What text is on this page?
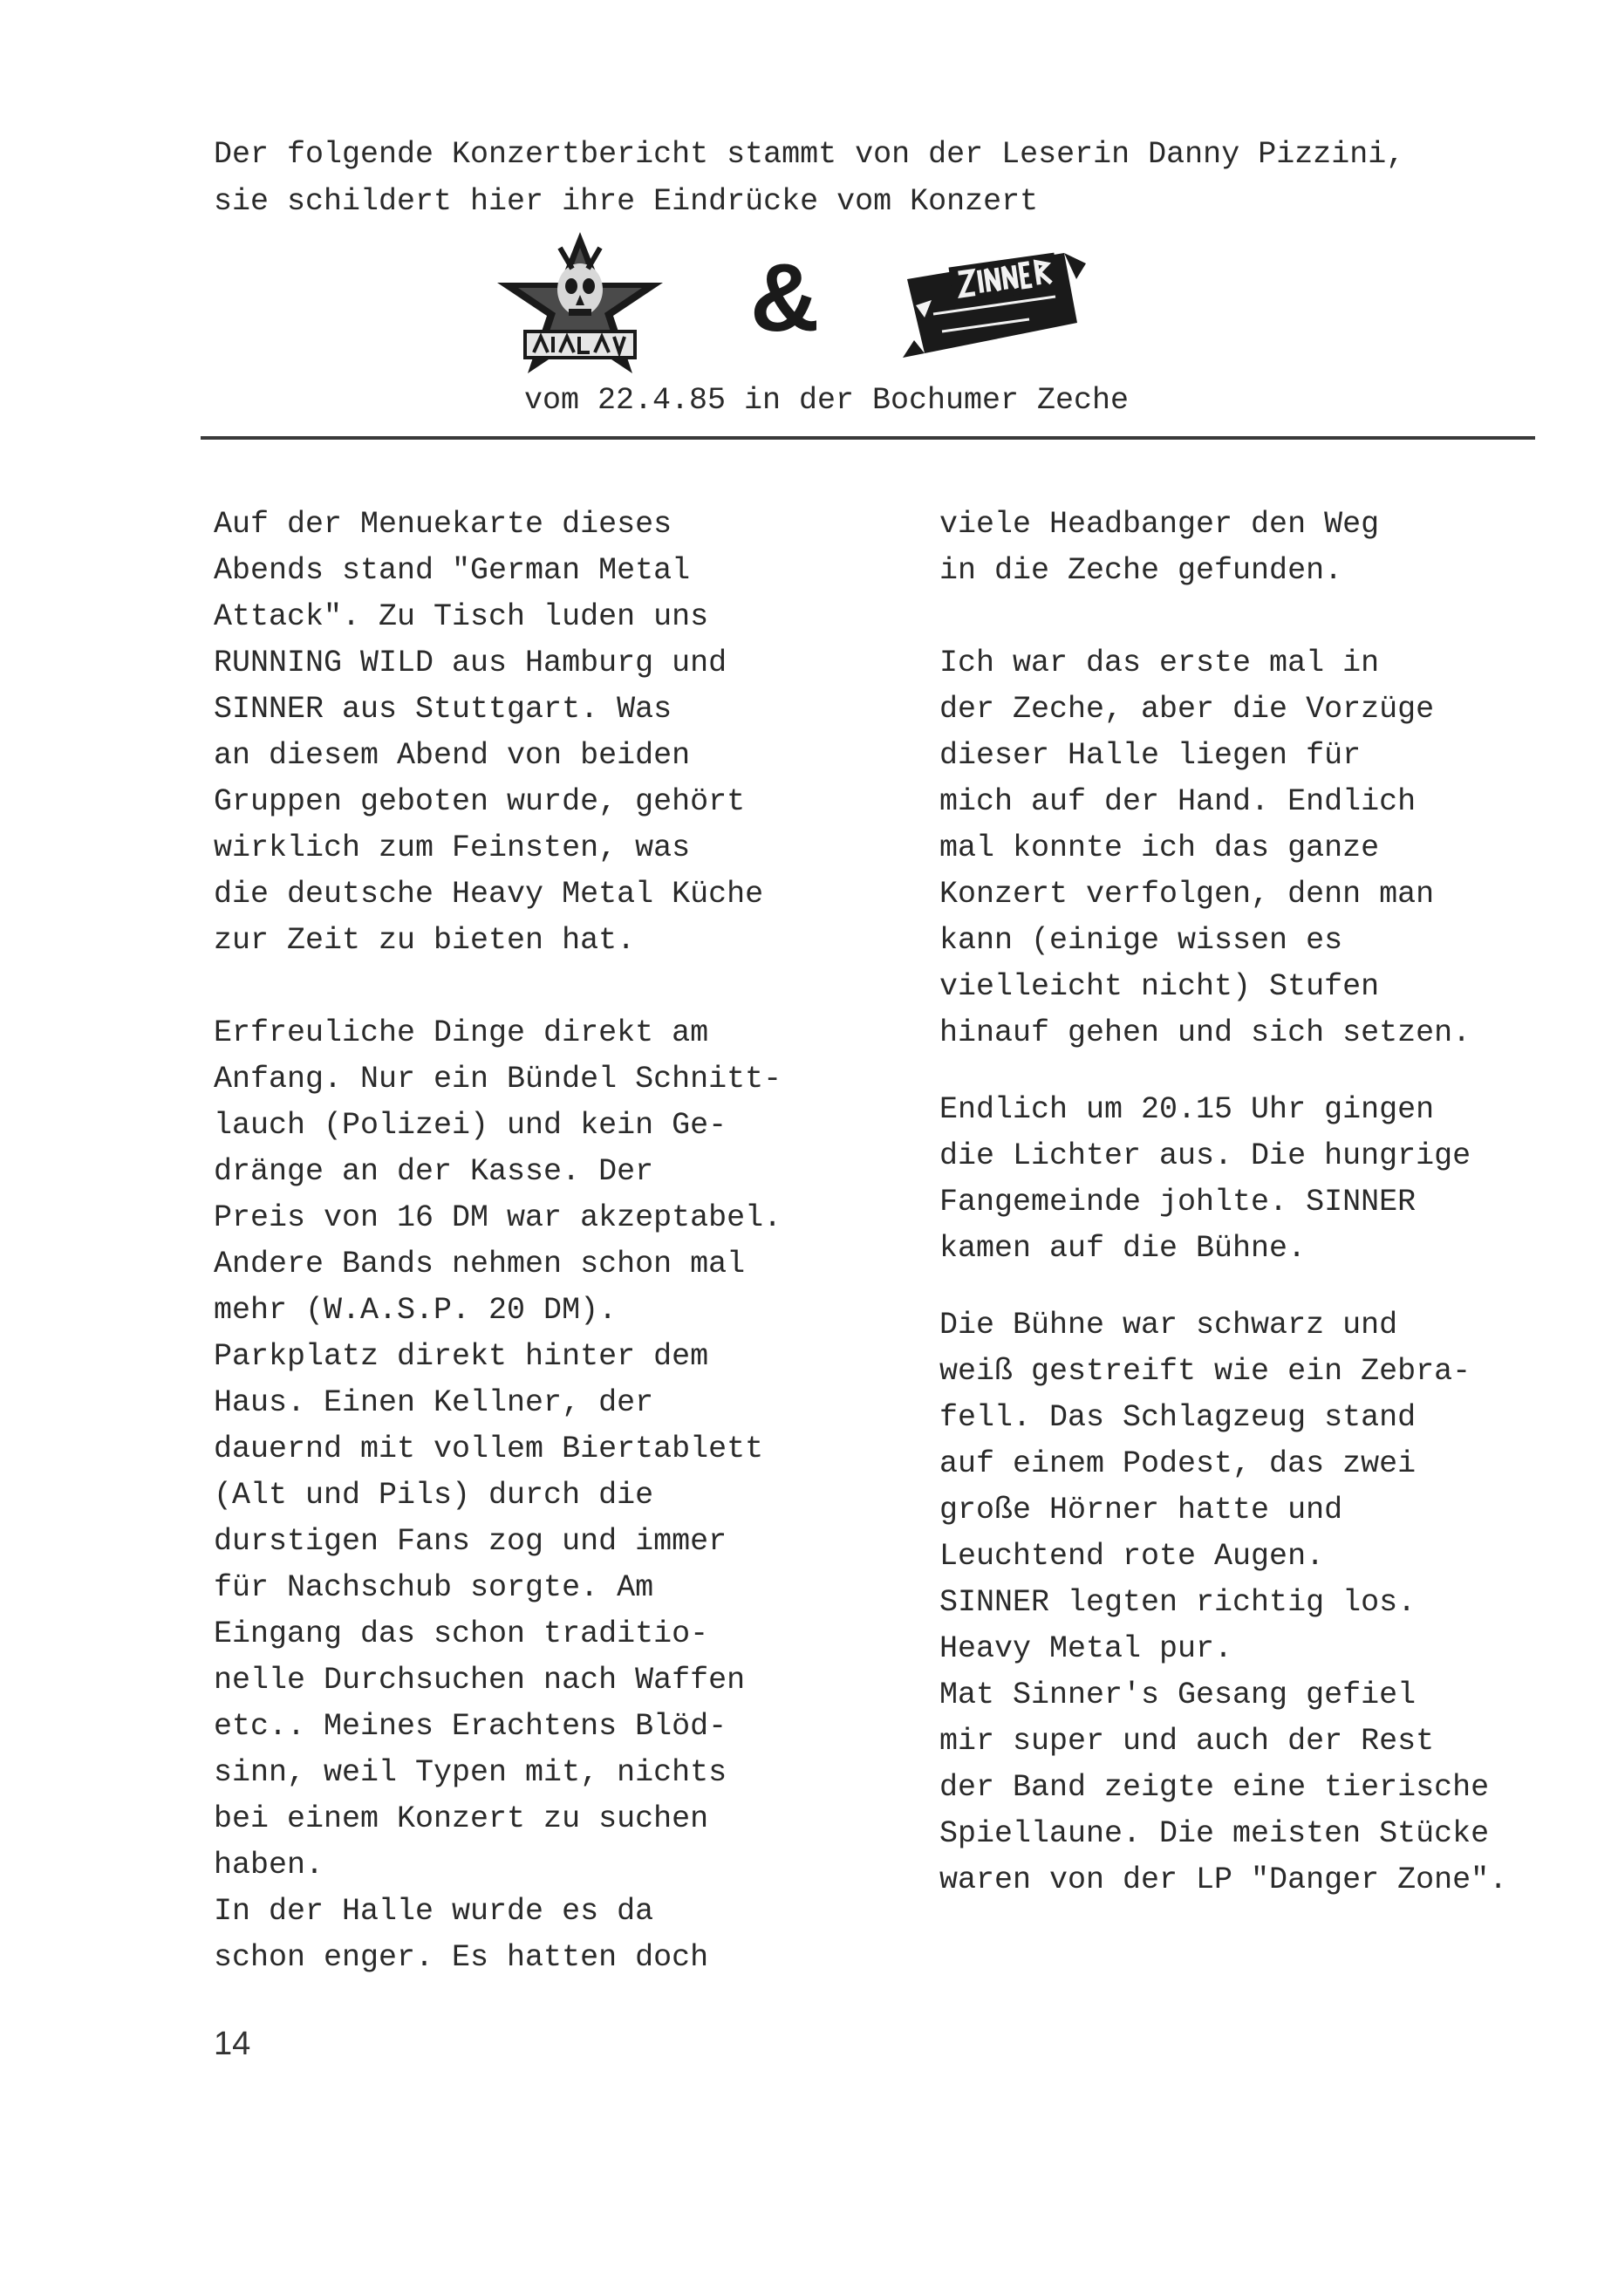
Der folgende Konzertbericht stammt von der Leserin Danny Pizzini,
sie schildert hier ihre Eindrücke vom Konzert
&
vom 22.4.85 in der Bochumer Zeche

Auf der Menuekarte dieses
Abends stand "German Metal
Attack". Zu Tisch luden uns
RUNNING WILD aus Hamburg und
SINNER aus Stuttgart. Was
an diesem Abend von beiden
Gruppen geboten wurde, gehört
wirklich zum Feinsten, was
die deutsche Heavy Metal Küche
zur Zeit zu bieten hat.

Erfreuliche Dinge direkt am
Anfang. Nur ein Bündel Schnitt-
lauch (Polizei) und kein Ge-
dränge an der Kasse. Der
Preis von 16 DM war akzeptabel.
Andere Bands nehmen schon mal
mehr (W.A.S.P. 20 DM).
Parkplatz direkt hinter dem
Haus. Einen Kellner, der
dauernd mit vollem Biertablett
(Alt und Pils) durch die
durstigen Fans zog und immer
für Nachschub sorgte. Am
Eingang das schon traditio-
nelle Durchsuchen nach Waffen
etc.. Meines Erachtens Blöd-
sinn, weil Typen mit, nichts
bei einem Konzert zu suchen
haben.
In der Halle wurde es da
schon enger. Es hatten doch

viele Headbanger den Weg
in die Zeche gefunden.

Ich war das erste mal in
der Zeche, aber die Vorzüge
dieser Halle liegen für
mich auf der Hand. Endlich
mal konnte ich das ganze
Konzert verfolgen, denn man
kann (einige wissen es
vielleicht nicht) Stufen
hinauf gehen und sich setzen.

Endlich um 20.15 Uhr gingen
die Lichter aus. Die hungrige
Fangemeinde johlte. SINNER
kamen auf die Bühne.

Die Bühne war schwarz und
weiß gestreift wie ein Zebra-
fell. Das Schlagzeug stand
auf einem Podest, das zwei
große Hörner hatte und
Leuchtend rote Augen.
SINNER legten richtig los.
Heavy Metal pur.
Mat Sinner's Gesang gefiel
mir super und auch der Rest
der Band zeigte eine tierische
Spiellaune. Die meisten Stücke
waren von der LP "Danger Zone".

14
